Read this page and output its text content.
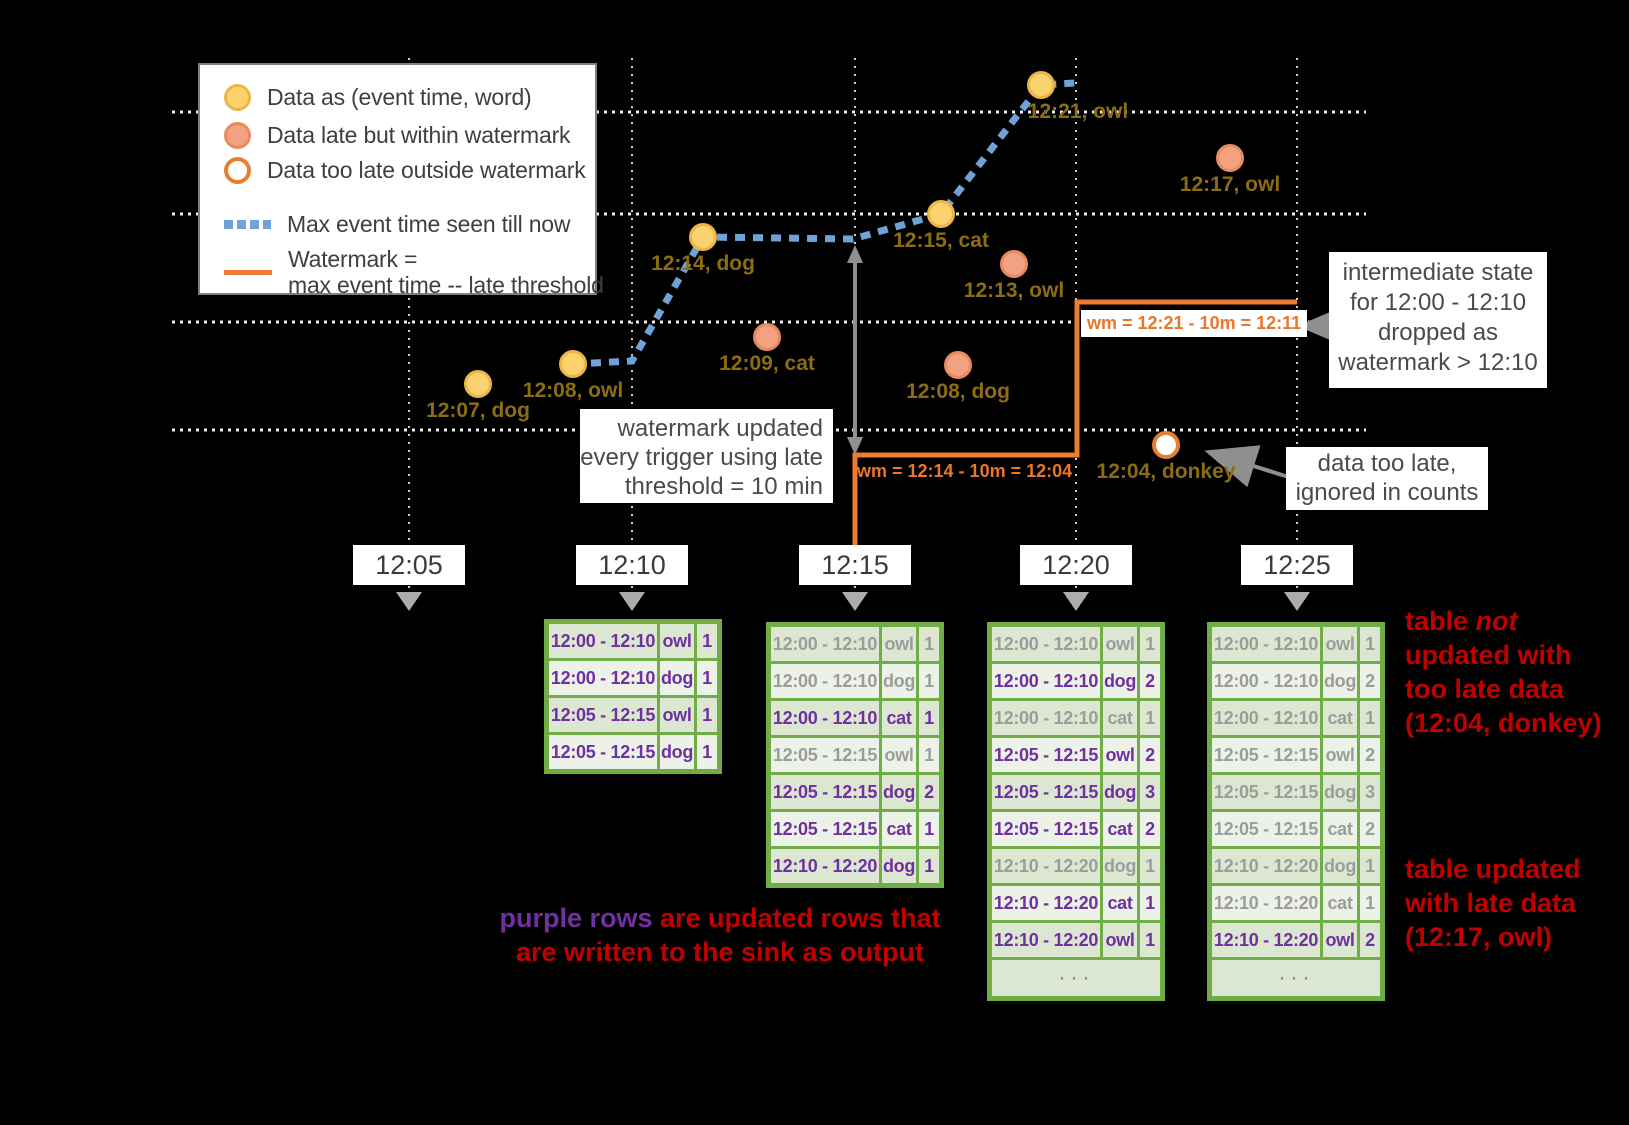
Data as (event time, word)
Data late but within watermark
Data too late outside watermark
Max event time seen till now
Watermark =
max event time -- late threshold
wm = 12:14 - 10m = 12:04
wm = 12:21 - 10m = 12:11
watermark updated
every trigger using late
threshold = 10 min
intermediate state
for 12:00 - 12:10
dropped as
watermark > 12:10
data too late,
ignored in counts
table not
updated with
too late data
(12:04, donkey)
table updated
with late data
(12:17, owl)
purple rows are updated rows that
are written to the sink as output
12:07, dog
12:08, owl
12:14, dog
12:15, cat
12:21, owl
12:09, cat
12:13, owl
12:08, dog
12:17, owl
12:04, donkey
12:05	12:10	12:15	12:20	12:25
12:00 - 12:10 owl 1
12:00 - 12:10 dog 1
12:05 - 12:15 owl 1
12:05 - 12:15 dog 1
12:00 - 12:10 owl 1
12:00 - 12:10 dog 1
12:00 - 12:10 cat 1
12:05 - 12:15 owl 1
12:05 - 12:15 dog 2
12:05 - 12:15 cat 1
12:10 - 12:20 dog 1
12:00 - 12:10 owl 1
12:00 - 12:10 dog 2
12:00 - 12:10 cat 1
12:05 - 12:15 owl 2
12:05 - 12:15 dog 3
12:05 - 12:15 cat 2
12:10 - 12:20 dog 1
12:10 - 12:20 cat 1
12:10 - 12:20 owl 1
···
12:00 - 12:10 owl 1
12:00 - 12:10 dog 2
12:00 - 12:10 cat 1
12:05 - 12:15 owl 2
12:05 - 12:15 dog 3
12:05 - 12:15 cat 2
12:10 - 12:20 dog 1
12:10 - 12:20 cat 1
12:10 - 12:20 owl 2
···
